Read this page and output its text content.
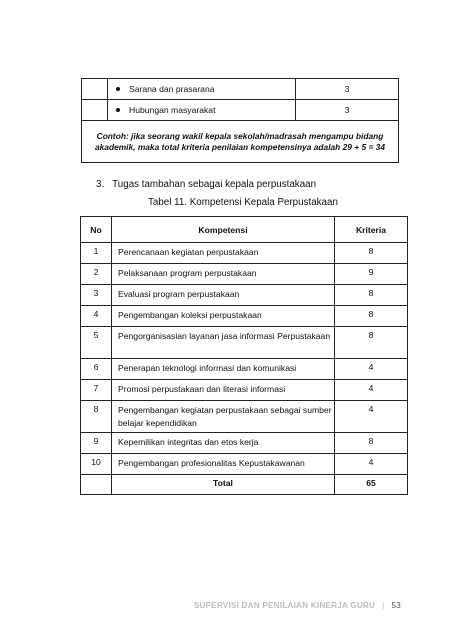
	Sarana dan prasarana	3
	Hubungan masyarakat	3
Contoh: jika seorang wakil kepala sekolah/madrasah mengampu bidang akademik, maka total kriteria penilaian kompetensinya adalah 29 + 5 = 34		
3. Tugas tambahan sebagai kepala perpustakaan
Tabel 11. Kompetensi Kepala Perpustakaan
No	Kompetensi	Kriteria
1	Perencanaan kegiatan perpustakaan	8
2	Pelaksanaan program perpustakaan	9
3	Evaluasi program perpustakaan	8
4	Pengembangan koleksi perpustakaan	8
5	Pengorganisasian layanan jasa informasi Perpustakaan	8
6	Penerapan teknologi informasi dan komunikasi	4
7	Promosi perpustakaan dan literasi informasi	4
8	Pengembangan kegiatan perpustakaan sebagai sumber belajar kependidikan	4
9	Kepemilikan integritas dan etos kerja	8
10	Pengembangan profesionalitas Kepustakawanan	4
	Total	65
SUPERVISI DAN PENILAIAN KINERJA GURU | 53
